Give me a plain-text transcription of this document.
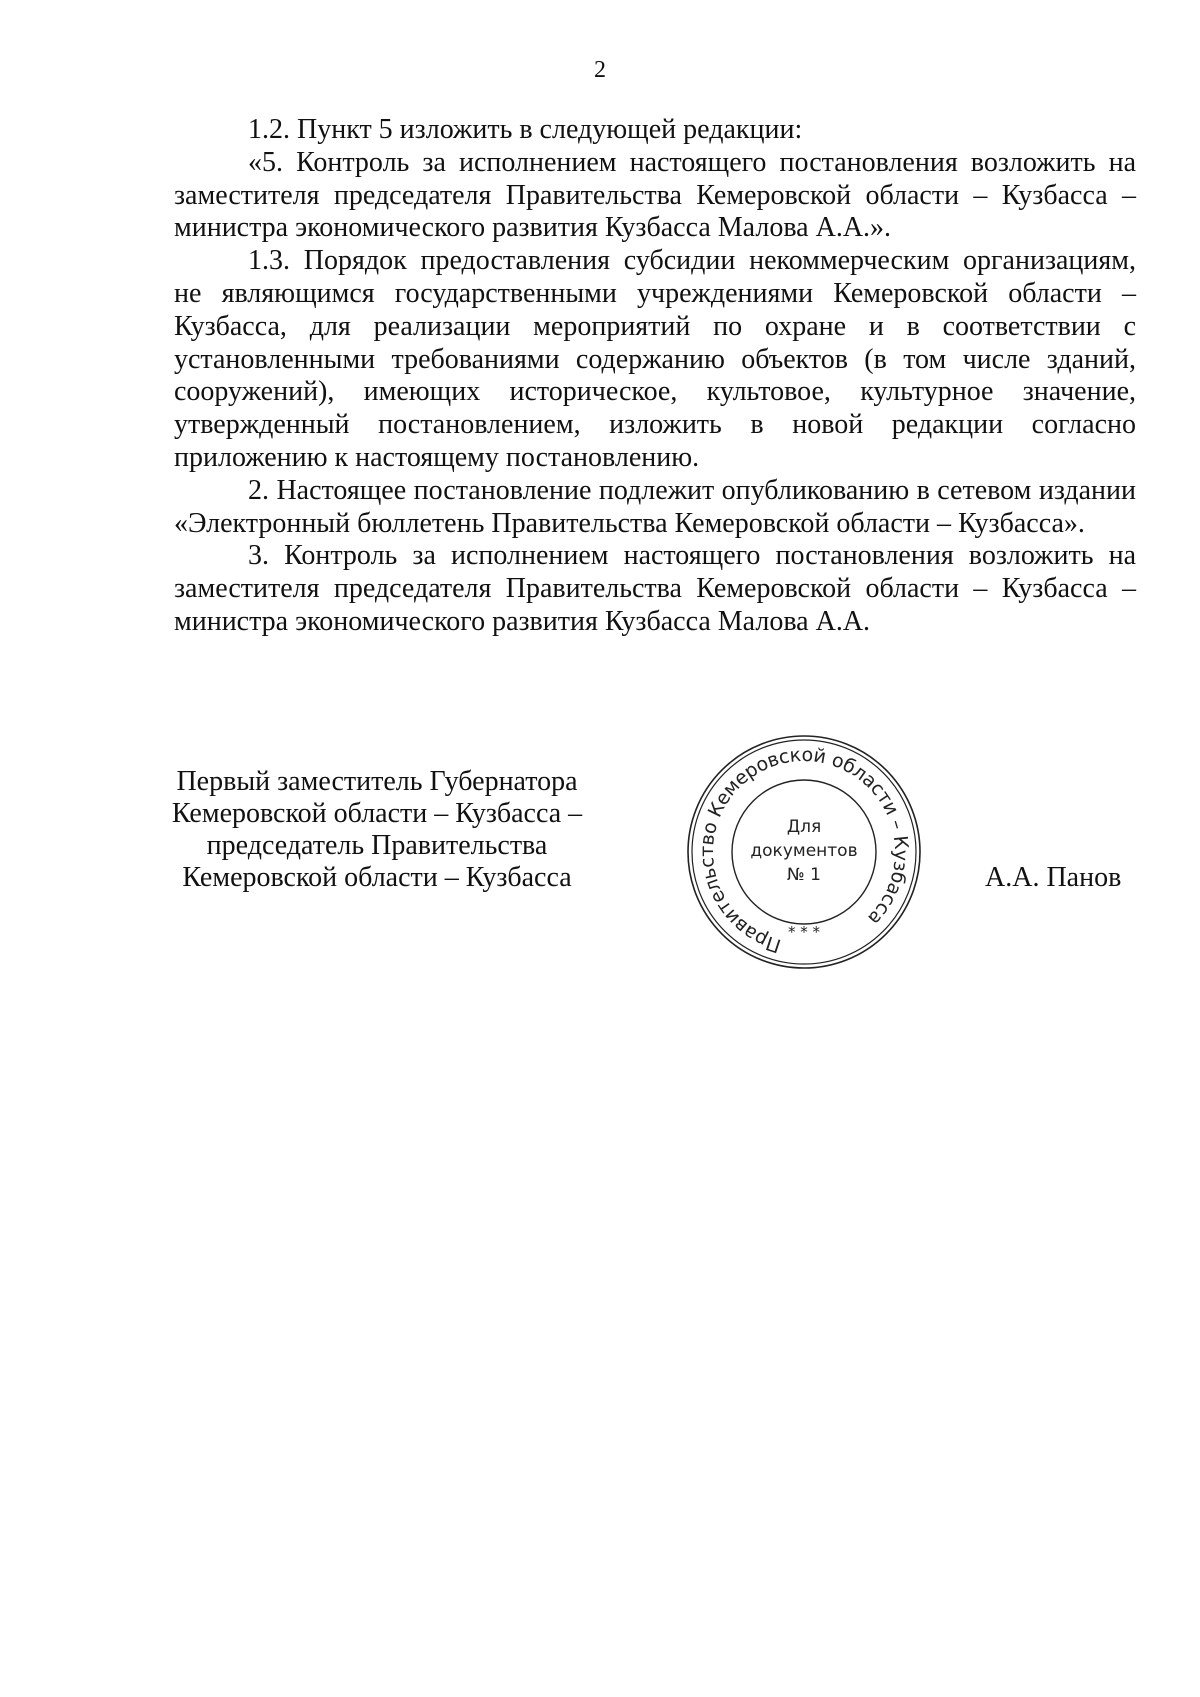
2

1.2. Пункт 5 изложить в следующей редакции:

«5. Контроль за исполнением настоящего постановления возложить на заместителя председателя Правительства Кемеровской области – Кузбасса – министра экономического развития Кузбасса Малова А.А.».

1.3. Порядок предоставления субсидии некоммерческим организациям, не являющимся государственными учреждениями Кемеровской области – Кузбасса, для реализации мероприятий по охране и в соответствии с установленными требованиями содержанию объектов (в том числе зданий, сооружений), имеющих историческое, культовое, культурное значение, утвержденный постановлением, изложить в новой редакции согласно приложению к настоящему постановлению.

2. Настоящее постановление подлежит опубликованию в сетевом издании «Электронный бюллетень Правительства Кемеровской области – Кузбасса».

3. Контроль за исполнением настоящего постановления возложить на заместителя председателя Правительства Кемеровской области – Кузбасса – министра экономического развития Кузбасса Малова А.А.

Первый заместитель Губернатора
Кемеровской области – Кузбасса –
председатель Правительства
Кемеровской области – Кузбасса
Правительство Кемеровской области – Кузбасса
* * *
Для
документов
№ 1	А.А. Панов
